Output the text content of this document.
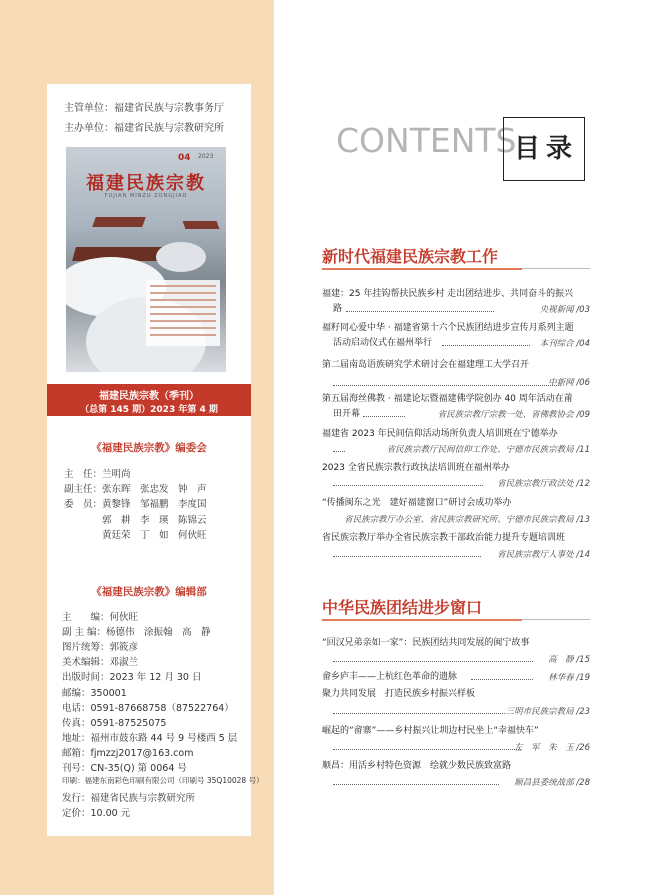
主管单位：福建省民族与宗教事务厅
主办单位：福建省民族与宗教研究所
04 2023
福建民族宗教
FUJIAN MINZU ZONGJIAO
福建民族宗教（季刊）
（总第 145 期）2023 年第 4 期
《福建民族宗教》编委会
主　任：兰明尚
副主任：张东晖　张忠发　钟　声
委　员：黄黎锋　邹福鹏　李度国
　　　　郭　耕　李　瑛　陈锦云
　　　　黄廷荣　丁　如　何伙旺
《福建民族宗教》编辑部
主　　编：何伙旺
副 主 编：杨德伟　涂振翰　高　静
图片统筹：郭筱彦
美术编辑：邓淑兰
出版时间：2023 年 12 月 30 日
邮编：350001
电话：0591-87668758（87522764）
传真：0591-87525075
地址：福州市鼓东路 44 号 9 号楼西 5 层
邮箱：fjmzzj2017@163.com
刊号：CN-35(Q) 第 0064 号
印刷：福建东南彩色印刷有限公司（印刷号 35Q10028 号）
发行：福建省民族与宗教研究所
定价：10.00 元
CONTENTS
目录
新时代福建民族宗教工作
福建：25 年挂钩帮扶民族乡村 走出团结进步、共同奋斗的振兴
路	央视新闻 /03
福籽同心爱中华 · 福建省第十六个民族团结进步宣传月系列主题
活动启动仪式在福州举行	本刊综合 /04
第二届南岛语族研究学术研讨会在福建理工大学召开
中新网 /06
第五届海丝佛教 · 福建论坛暨福建佛学院创办 40 周年活动在莆
田开幕	省民族宗教厅宗教一处、省佛教协会 /09
福建省 2023 年民间信仰活动场所负责人培训班在宁德举办
省民族宗教厅民间信仰工作处、宁德市民族宗教局 /11
2023 全省民族宗教行政执法培训班在福州举办
省民族宗教厅政法处 /12
“传播闽东之光　建好福建窗口”研讨会成功举办
省民族宗教厅办公室、省民族宗教研究所、宁德市民族宗教局 /13
省民族宗教厅举办全省民族宗教干部政治能力提升专题培训班
省民族宗教厅人事处 /14
中华民族团结进步窗口
“回汉兄弟亲如一家”：民族团结共同发展的闽宁故事
高　静 /15
畲乡庐丰——上杭红色革命的遗脉	林华春 /19
聚力共同发展　打造民族乡村振兴样板
三明市民族宗教局 /23
崛起的“畲寨”——乡村振兴让圳边村民坐上“幸福快车”
左　军　朱　玉 /26
顺昌：用活乡村特色资源　绘就少数民族致富路
顺昌县委统战部 /28
